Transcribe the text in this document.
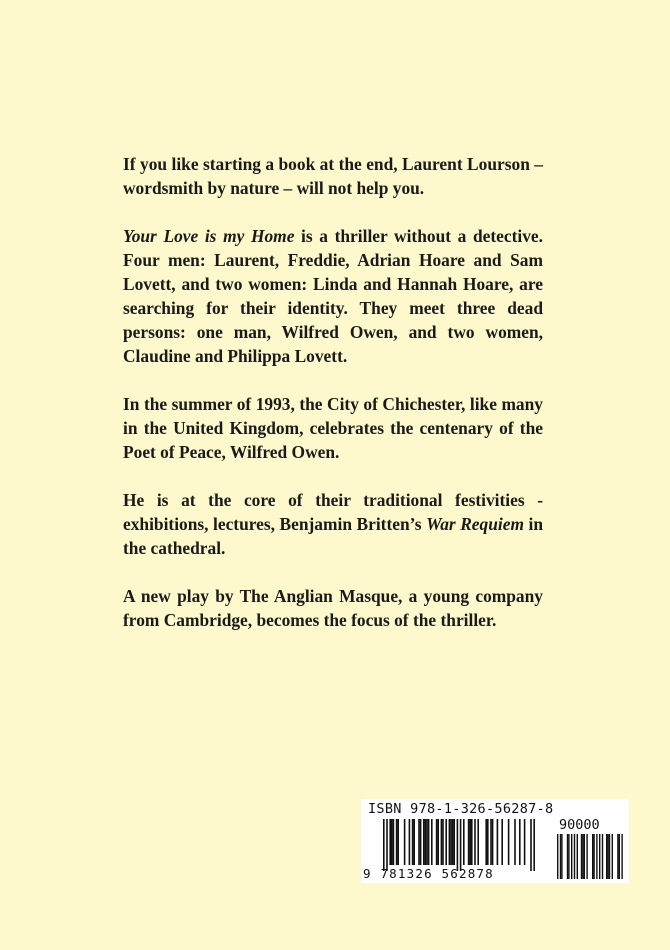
If you like starting a book at the end, Laurent Lourson – wordsmith by nature – will not help you.

Your Love is my Home is a thriller without a detective. Four men: Laurent, Freddie, Adrian Hoare and Sam Lovett, and two women: Linda and Hannah Hoare, are searching for their identity. They meet three dead persons: one man, Wilfred Owen, and two women, Claudine and Philippa Lovett.

In the summer of 1993, the City of Chichester, like many in the United Kingdom, celebrates the centenary of the Poet of Peace, Wilfred Owen.

He is at the core of their traditional festivities - exhibitions, lectures, Benjamin Britten’s War Requiem in the cathedral.

A new play by The Anglian Masque, a young company from Cambridge, becomes the focus of the thriller.

ISBN 978-1-326-56287-8
90000
9 781326 562878
